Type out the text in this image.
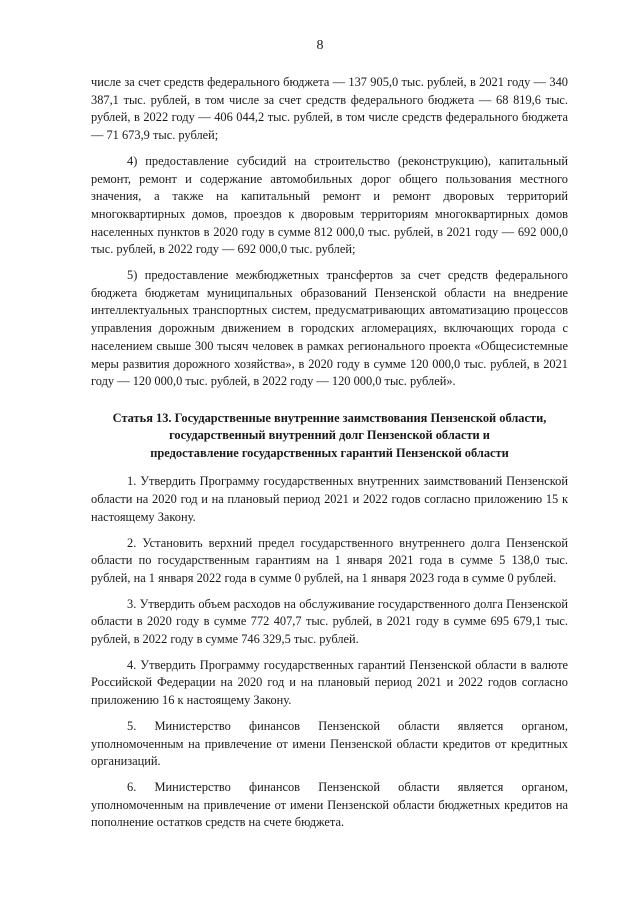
8

числе за счет средств федерального бюджета — 137 905,0 тыс. рублей, в 2021 году — 340 387,1 тыс. рублей, в том числе за счет средств федерального бюджета — 68 819,6 тыс. рублей, в 2022 году — 406 044,2 тыс. рублей, в том числе средств федерального бюджета — 71 673,9 тыс. рублей;

4) предоставление субсидий на строительство (реконструкцию), капитальный ремонт, ремонт и содержание автомобильных дорог общего пользования местного значения, а также на капитальный ремонт и ремонт дворовых территорий многоквартирных домов, проездов к дворовым территориям многоквартирных домов населенных пунктов в 2020 году в сумме 812 000,0 тыс. рублей, в 2021 году — 692 000,0 тыс. рублей, в 2022 году — 692 000,0 тыс. рублей;

5) предоставление межбюджетных трансфертов за счет средств федерального бюджета бюджетам муниципальных образований Пензенской области на внедрение интеллектуальных транспортных систем, предусматривающих автоматизацию процессов управления дорожным движением в городских агломерациях, включающих города с населением свыше 300 тысяч человек в рамках регионального проекта «Общесистемные меры развития дорожного хозяйства», в 2020 году в сумме 120 000,0 тыс. рублей, в 2021 году — 120 000,0 тыс. рублей, в 2022 году — 120 000,0 тыс. рублей».

Статья 13. Государственные внутренние заимствования Пензенской области,
государственный внутренний долг Пензенской области и
предоставление государственных гарантий Пензенской области

1. Утвердить Программу государственных внутренних заимствований Пензенской области на 2020 год и на плановый период 2021 и 2022 годов согласно приложению 15 к настоящему Закону.

2. Установить верхний предел государственного внутреннего долга Пензенской области по государственным гарантиям на 1 января 2021 года в сумме 5 138,0 тыс. рублей, на 1 января 2022 года в сумме 0 рублей, на 1 января 2023 года в сумме 0 рублей.

3. Утвердить объем расходов на обслуживание государственного долга Пензенской области в 2020 году в сумме 772 407,7 тыс. рублей, в 2021 году в сумме 695 679,1 тыс. рублей, в 2022 году в сумме 746 329,5 тыс. рублей.

4. Утвердить Программу государственных гарантий Пензенской области в валюте Российской Федерации на 2020 год и на плановый период 2021 и 2022 годов согласно приложению 16 к настоящему Закону.

5. Министерство финансов Пензенской области является органом, уполномоченным на привлечение от имени Пензенской области кредитов от кредитных организаций.

6. Министерство финансов Пензенской области является органом, уполномоченным на привлечение от имени Пензенской области бюджетных кредитов на пополнение остатков средств на счете бюджета.
